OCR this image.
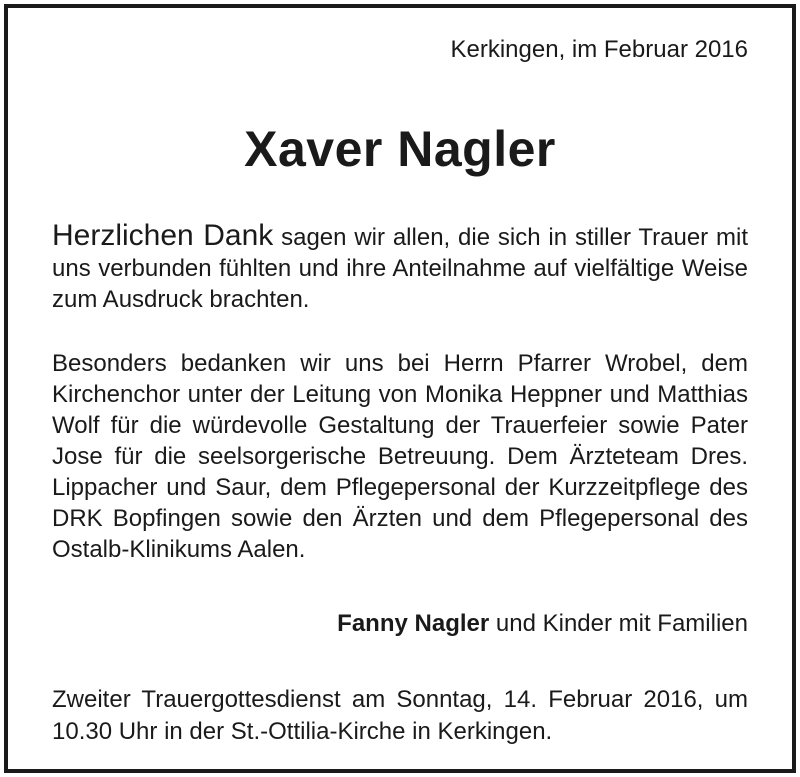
Kerkingen, im Februar 2016
Xaver Nagler
Herzlichen Dank sagen wir allen, die sich in stiller Trauer mit uns verbunden fühlten und ihre Anteilnahme auf vielfältige Weise zum Ausdruck brachten.
Besonders bedanken wir uns bei Herrn Pfarrer Wrobel, dem Kirchenchor unter der Leitung von Monika Heppner und Matthias Wolf für die würdevolle Gestaltung der Trauerfeier sowie Pater Jose für die seelsorgerische Betreuung. Dem Ärzteteam Dres. Lippacher und Saur, dem Pflegepersonal der Kurzzeitpflege des DRK Bopfingen sowie den Ärzten und dem Pflegepersonal des Ostalb-Klinikums Aalen.
Fanny Nagler und Kinder mit Familien
Zweiter Trauergottesdienst am Sonntag, 14. Februar 2016, um 10.30 Uhr in der St.-Ottilia-Kirche in Kerkingen.
